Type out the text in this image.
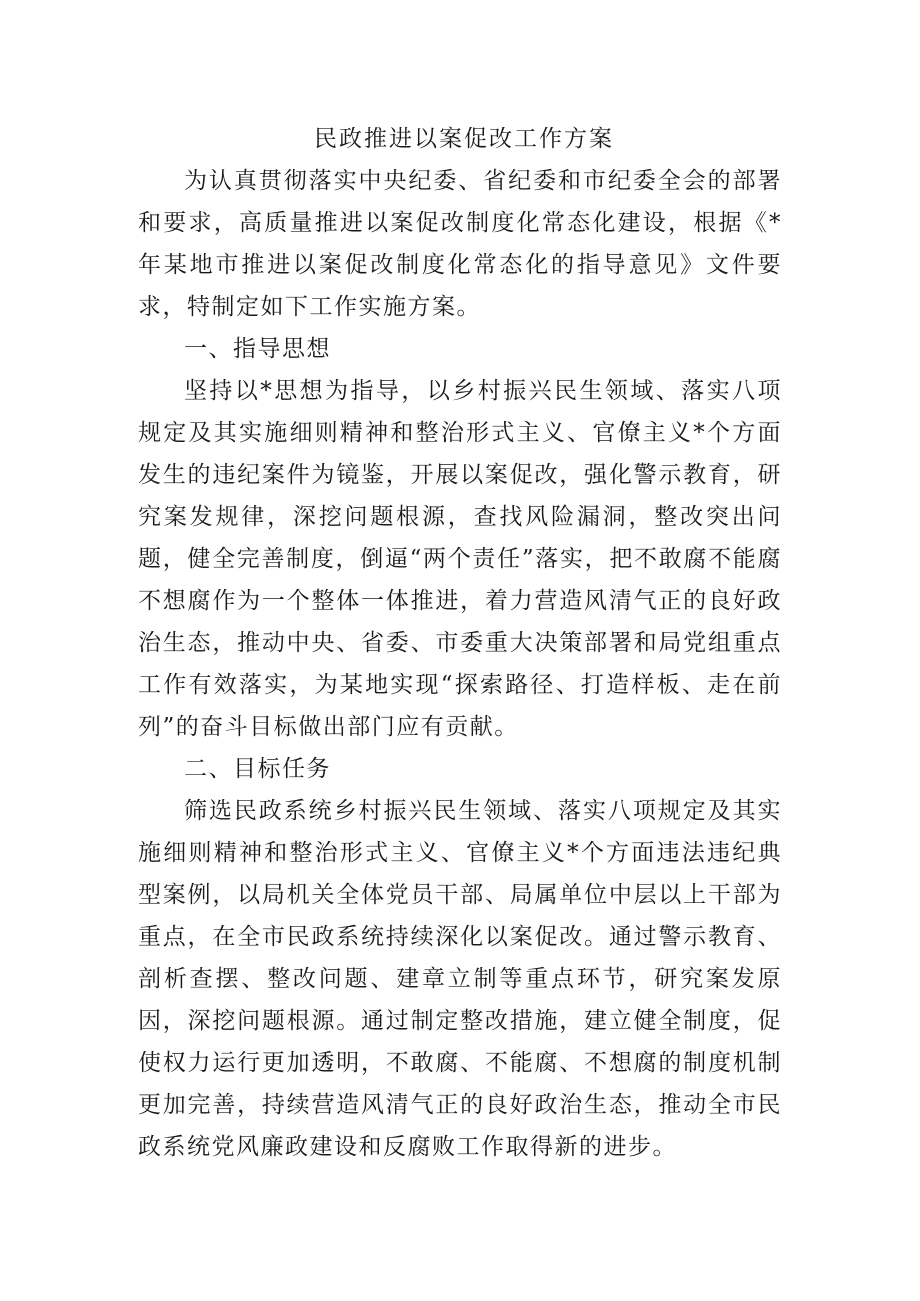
民政推进以案促改工作方案

为认真贯彻落实中央纪委、省纪委和市纪委全会的部署和要求，高质量推进以案促改制度化常态化建设，根据《*年某地市推进以案促改制度化常态化的指导意见》文件要求，特制定如下工作实施方案。

一、指导思想

坚持以*思想为指导，以乡村振兴民生领域、落实八项规定及其实施细则精神和整治形式主义、官僚主义*个方面发生的违纪案件为镜鉴，开展以案促改，强化警示教育，研究案发规律，深挖问题根源，查找风险漏洞，整改突出问题，健全完善制度，倒逼“两个责任”落实，把不敢腐不能腐不想腐作为一个整体一体推进，着力营造风清气正的良好政治生态，推动中央、省委、市委重大决策部署和局党组重点工作有效落实，为某地实现“探索路径、打造样板、走在前列”的奋斗目标做出部门应有贡献。

二、目标任务

筛选民政系统乡村振兴民生领域、落实八项规定及其实施细则精神和整治形式主义、官僚主义*个方面违法违纪典型案例，以局机关全体党员干部、局属单位中层以上干部为重点，在全市民政系统持续深化以案促改。通过警示教育、剖析查摆、整改问题、建章立制等重点环节，研究案发原因，深挖问题根源。通过制定整改措施，建立健全制度，促使权力运行更加透明，不敢腐、不能腐、不想腐的制度机制更加完善，持续营造风清气正的良好政治生态，推动全市民政系统党风廉政建设和反腐败工作取得新的进步。
